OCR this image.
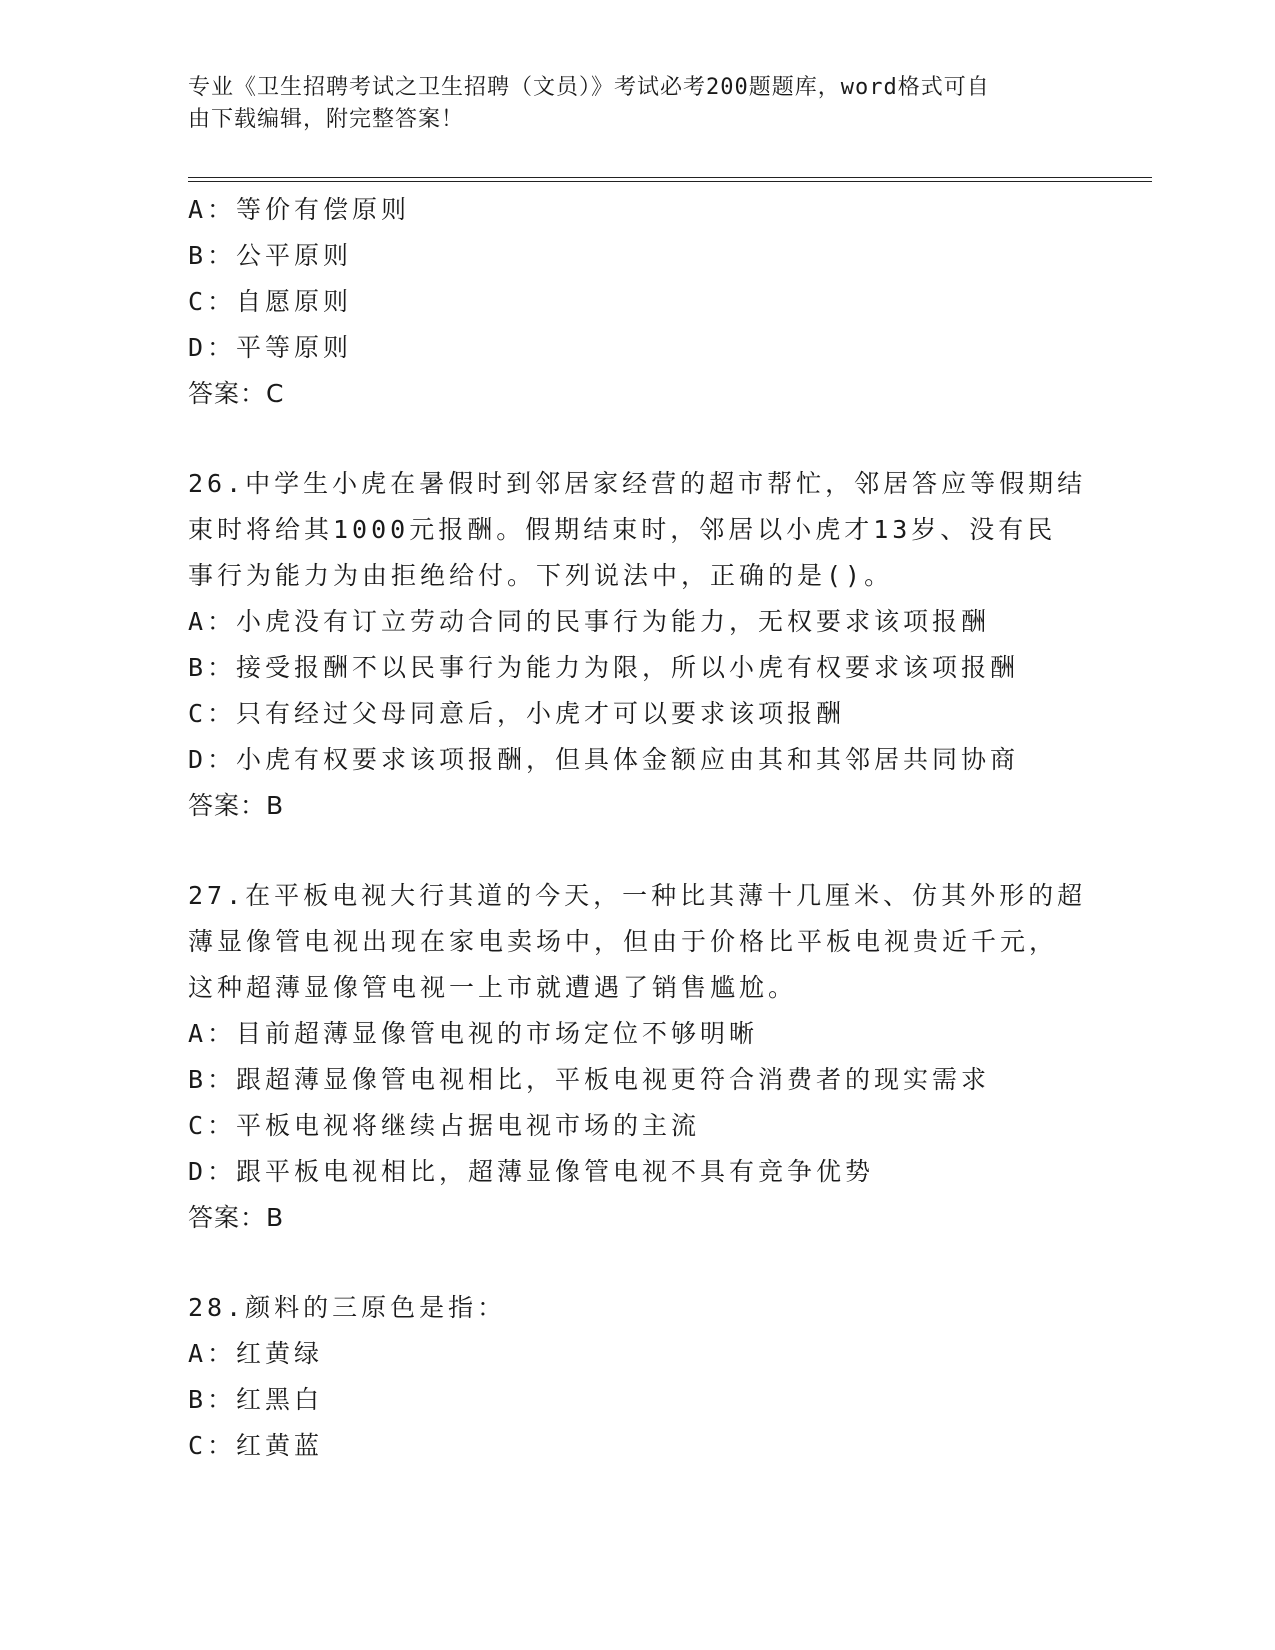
专业《卫生招聘考试之卫生招聘（文员）》考试必考200题题库，word格式可自
由下载编辑，附完整答案！
A：等价有偿原则
B：公平原则
C：自愿原则
D：平等原则
答案：C
26.中学生小虎在暑假时到邻居家经营的超市帮忙，邻居答应等假期结
束时将给其1000元报酬。假期结束时，邻居以小虎才13岁、没有民
事行为能力为由拒绝给付。下列说法中，正确的是()。
A：小虎没有订立劳动合同的民事行为能力，无权要求该项报酬
B：接受报酬不以民事行为能力为限，所以小虎有权要求该项报酬
C：只有经过父母同意后，小虎才可以要求该项报酬
D：小虎有权要求该项报酬，但具体金额应由其和其邻居共同协商
答案：B
27.在平板电视大行其道的今天，一种比其薄十几厘米、仿其外形的超
薄显像管电视出现在家电卖场中，但由于价格比平板电视贵近千元，
这种超薄显像管电视一上市就遭遇了销售尴尬。
A：目前超薄显像管电视的市场定位不够明晰
B：跟超薄显像管电视相比，平板电视更符合消费者的现实需求
C：平板电视将继续占据电视市场的主流
D：跟平板电视相比，超薄显像管电视不具有竞争优势
答案：B
28.颜料的三原色是指：
A：红黄绿
B：红黑白
C：红黄蓝
